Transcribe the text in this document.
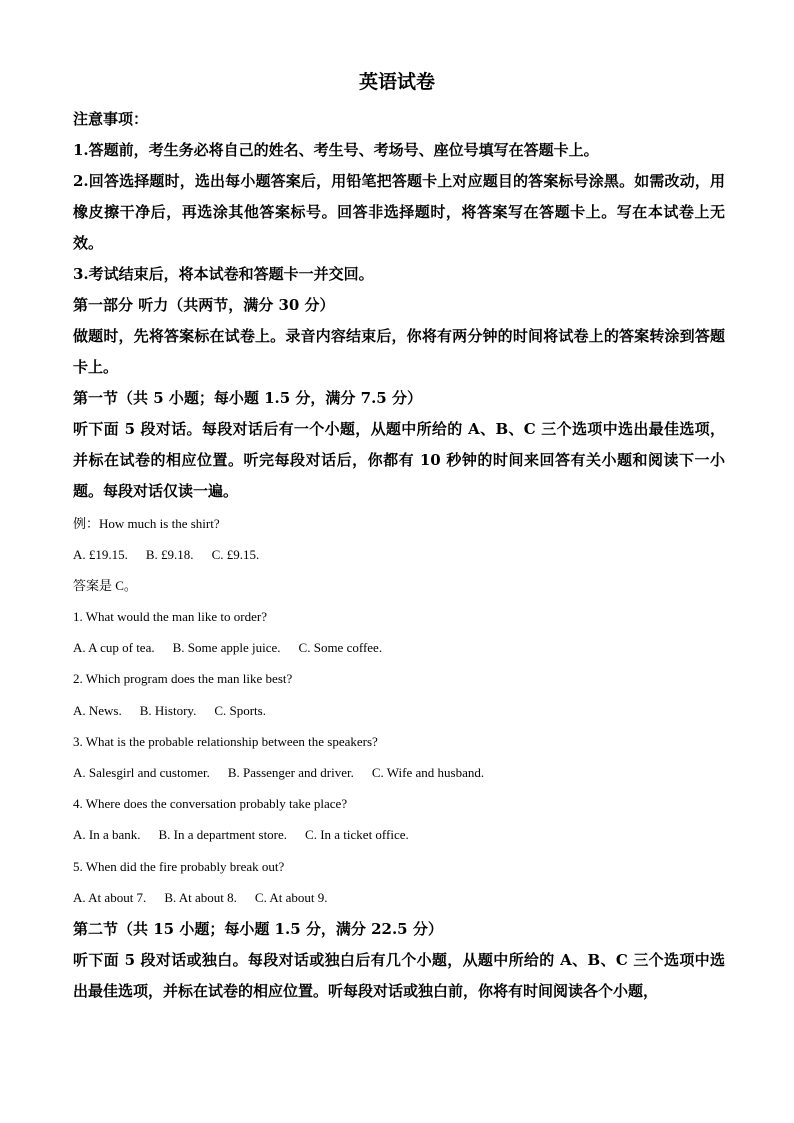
英语试卷
注意事项：
1.答题前，考生务必将自己的姓名、考生号、考场号、座位号填写在答题卡上。
2.回答选择题时，选出每小题答案后，用铅笔把答题卡上对应题目的答案标号涂黑。如需改动，用橡皮擦干净后，再选涂其他答案标号。回答非选择题时，将答案写在答题卡上。写在本试卷上无效。
3.考试结束后，将本试卷和答题卡一并交回。
第一部分 听力（共两节，满分 30 分）
做题时，先将答案标在试卷上。录音内容结束后，你将有两分钟的时间将试卷上的答案转涂到答题卡上。
第一节（共 5 小题；每小题 1.5 分，满分 7.5 分）
听下面 5 段对话。每段对话后有一个小题，从题中所给的 A、B、C 三个选项中选出最佳选项，并标在试卷的相应位置。听完每段对话后，你都有 10 秒钟的时间来回答有关小题和阅读下一小题。每段对话仅读一遍。
例：How much is the shirt?
A. £19.15. B. £9.18. C. £9.15.
答案是 C。
1. What would the man like to order?
A. A cup of tea. B. Some apple juice. C. Some coffee.
2. Which program does the man like best?
A. News. B. History. C. Sports.
3. What is the probable relationship between the speakers?
A. Salesgirl and customer. B. Passenger and driver. C. Wife and husband.
4. Where does the conversation probably take place?
A. In a bank. B. In a department store. C. In a ticket office.
5. When did the fire probably break out?
A. At about 7. B. At about 8. C. At about 9.
第二节（共 15 小题；每小题 1.5 分，满分 22.5 分）
听下面 5 段对话或独白。每段对话或独白后有几个小题，从题中所给的 A、B、C 三个选项中选出最佳选项，并标在试卷的相应位置。听每段对话或独白前，你将有时间阅读各个小题，
